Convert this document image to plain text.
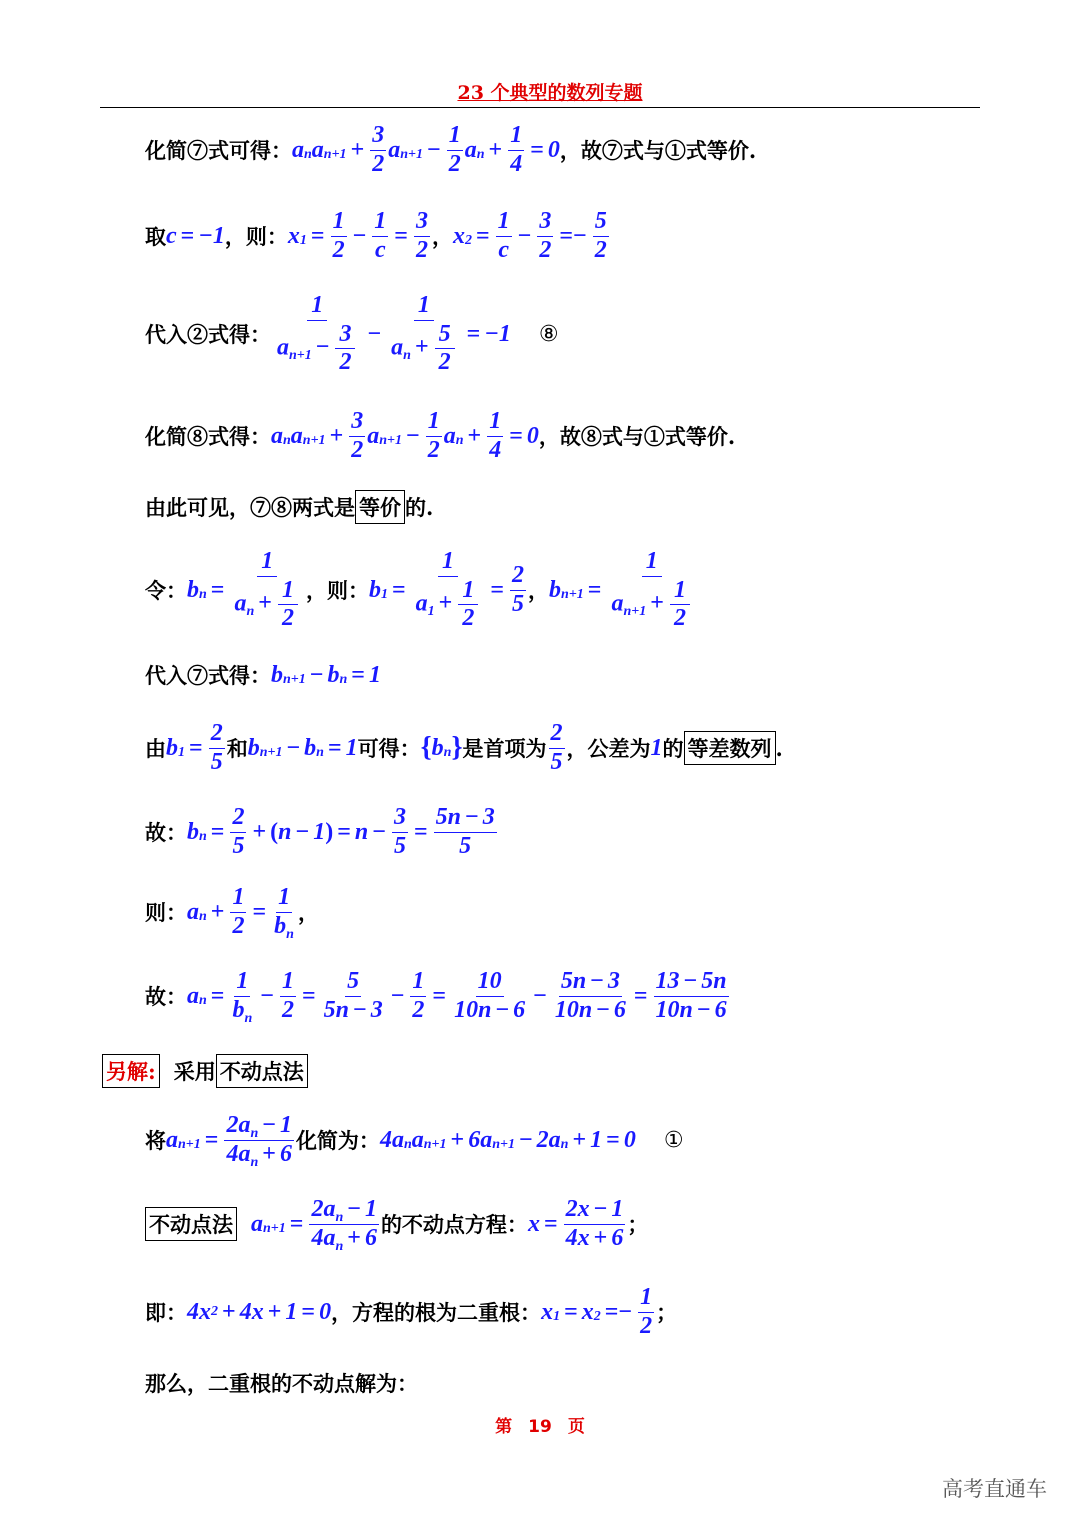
23 个典型的数列专题
化简⑦式可得： $a_n$ $a_{n+1} + \frac{3}{2} a_{n+1} - \frac{1}{2} a_n + \frac{1}{4} = 0$ ，故⑦式与①式等价.
取 c = −1 ，则： $x_1 = \frac{1}{2} - \frac{1}{c} = \frac{3}{2}$ ， $x_2 = \frac{1}{c} - \frac{3}{2} =- \frac{5}{2}$
代入②式得： $\frac{1}{a_{n+1} - \frac{3}{2}} - \frac{1}{a_n + \frac{5}{2}} = -1$ ⑧
化简⑧式得： $a_n$ $a_{n+1} + \frac{3}{2} a_{n+1} - \frac{1}{2} a_n + \frac{1}{4} = 0$ ，故⑧式与①式等价.
由此可见，⑦⑧两式是 等价 的.
令： $b_n = \frac{1}{a_n + \frac{1}{2}}$ ，则： $b_1 = \frac{1}{a_1 + \frac{1}{2}} = \frac{2}{5}$ ， $b_{n+1} = \frac{1}{a_{n+1} + \frac{1}{2}}$
代入⑦式得： $b_{n+1} - b_n = 1$
由 $b_1 = \frac{2}{5}$ 和 $b_{n+1} - b_n = 1$ 可得： { $b_n$ } 是首项为 $\frac{2}{5}$ ，公差为 1 的 等差数列 .
故： $b_n = \frac{2}{5}$ + ( n − 1 ) = $n - \frac{3}{5} = \frac{5n - 3}{5}$
则： $a_n + \frac{1}{2} = \frac{1}{b_n}$ ，
故： $a_n = \frac{1}{b_n} - \frac{1}{2} = \frac{5}{5n - 3} - \frac{1}{2} = \frac{10}{10n - 6} - \frac{5n - 3}{10n - 6} = \frac{13 - 5n}{10n - 6}$
另解: 采用 不动点法
将 $a_{n+1} = \frac{2a_n - 1}{4a_n + 6}$ 化简为： $4a_n$ $a_{n+1} + 6a_{n+1} - 2a_n + 1 = 0$ ①
不动点法 $a_{n+1} = \frac{2a_n - 1}{4a_n + 6}$ 的不动点方程： $x = \frac{2x - 1}{4x + 6}$ ；
即： 4x 2 + 4x + 1 = 0 ，方程的根为二重根： $x_1 = x_2 =- \frac{1}{2}$ ；
那么，二重根的不动点解为：
第 19 页
高考直通车
